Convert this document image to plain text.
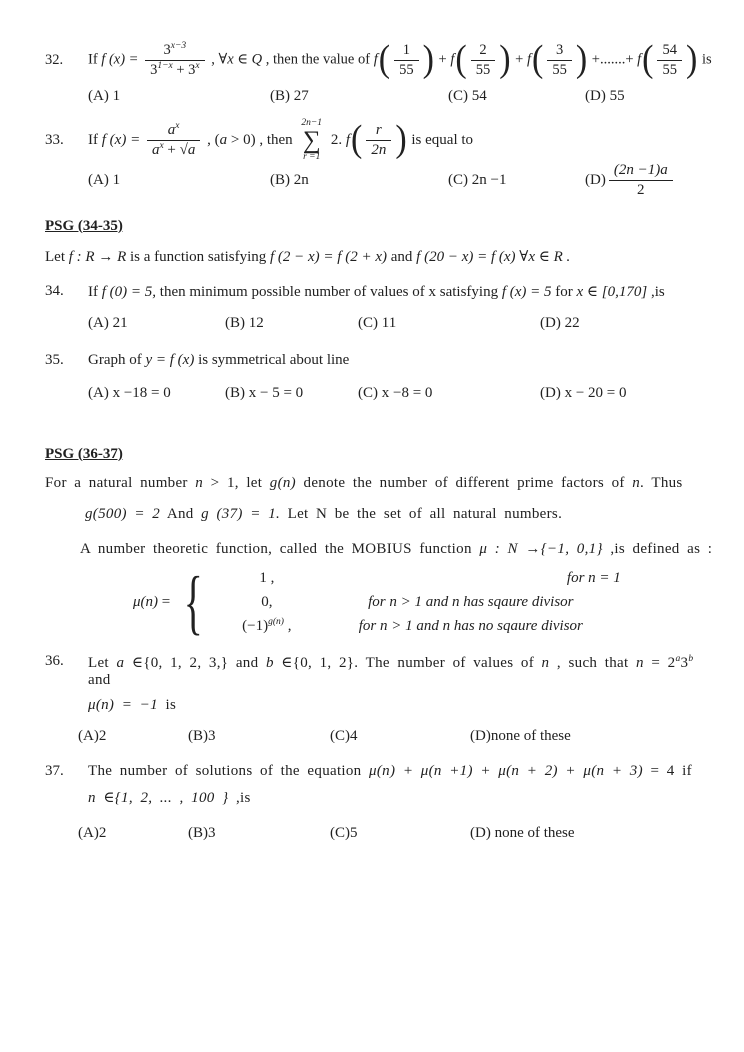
32.	If f $(x) = \frac{3^{x-3}}{3^{1-x} + 3^x}$ , ∀x ∈ Q , then the value of $f( \frac{1}{55}$ ) + $f( \frac{2}{55}$ ) + $f( \frac{3}{55}$ ) +.......+ $f( \frac{54}{55}$ ) is
(A) 1	(B) 27	(C) 54	(D) 55
33.	If f $(x) = \frac{a^x}{a^x + √a}$ , (a > 0) , then
2n−1
∑
r =1
2. $f( \frac{r}{2n}$ ) is equal to
(A) 1	(B) 2n	(C) 2n −1	$(D) \frac{(2n -1)a}{2}$
PSG (34-35)
Let f : R → R is a function satisfying f (2 − x) = f (2 + x) and f (20 − x) = f (x) ∀x ∈ R .
34.	If f (0) = 5, then minimum possible number of values of x satisfying f (x) = 5 for x ∈ [0,170] ,is
(A) 21	(B) 12	(C) 11	(D) 22
35.	Graph of y = f (x) is symmetrical about line
(A) x −18 = 0	(B) x − 5 = 0	(C) x −8 = 0	(D) x − 20 = 0
PSG (36-37)
For a natural number n > 1, let g(n) denote the number of different prime factors of n. Thus
g(500) = 2 And g (37) = 1. Let N be the set of all natural numbers.
A number theoretic function, called the MOBIUS function μ : N →{−1, 0,1} ,is defined as :
μ(n) = {	1 ,	for n = 1
0,	for n > 1 and n has sqaure divisor
$(-1)^{g(n)}$ ,	for n > 1 and n has no sqaure divisor
36.	Let a ∈{0, 1, 2, 3,} and b ∈{0, 1, 2}. The number of values of n , such that $n = 2^a3^b$ and
μ(n) = −1 is
(A)2	(B)3	(C)4	(D)none of these
37.	The number of solutions of the equation μ(n) + μ(n +1) + μ(n + 2) + μ(n + 3) = 4 if
n ∈{1, 2, ... , 100 } ,is
(A)2	(B)3	(C)5	(D) none of these
